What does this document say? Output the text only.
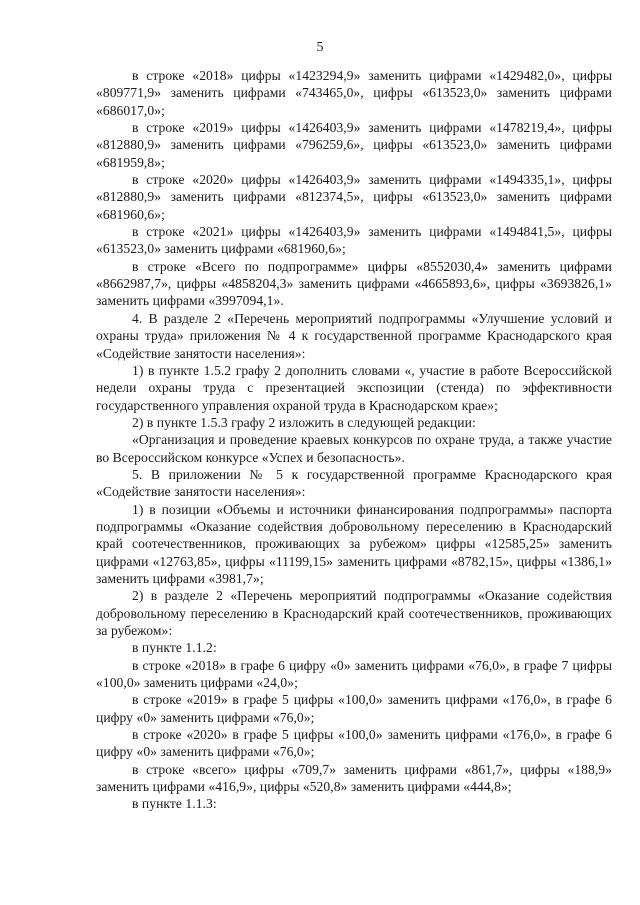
5

в строке «2018» цифры «1423294,9» заменить цифрами «1429482,0», цифры «809771,9» заменить цифрами «743465,0», цифры «613523,0» заменить цифрами «686017,0»;

в строке «2019» цифры «1426403,9» заменить цифрами «1478219,4», цифры «812880,9» заменить цифрами «796259,6», цифры «613523,0» заменить цифрами «681959,8»;

в строке «2020» цифры «1426403,9» заменить цифрами «1494335,1», цифры «812880,9» заменить цифрами «812374,5», цифры «613523,0» заменить цифрами «681960,6»;

в строке «2021» цифры «1426403,9» заменить цифрами «1494841,5», цифры «613523,0» заменить цифрами «681960,6»;

в строке «Всего по подпрограмме» цифры «8552030,4» заменить цифрами «8662987,7», цифры «4858204,3» заменить цифрами «4665893,6», цифры «3693826,1» заменить цифрами «3997094,1».

4. В разделе 2 «Перечень мероприятий подпрограммы «Улучшение условий и охраны труда» приложения № 4 к государственной программе Краснодарского края «Содействие занятости населения»:

1) в пункте 1.5.2 графу 2 дополнить словами «, участие в работе Всероссийской недели охраны труда с презентацией экспозиции (стенда) по эффективности государственного управления охраной труда в Краснодарском крае»;

2) в пункте 1.5.3 графу 2 изложить в следующей редакции:

«Организация и проведение краевых конкурсов по охране труда, а также участие во Всероссийском конкурсе «Успех и безопасность».

5. В приложении № 5 к государственной программе Краснодарского края «Содействие занятости населения»:

1) в позиции «Объемы и источники финансирования подпрограммы» паспорта подпрограммы «Оказание содействия добровольному переселению в Краснодарский край соотечественников, проживающих за рубежом» цифры «12585,25» заменить цифрами «12763,85», цифры «11199,15» заменить цифрами «8782,15», цифры «1386,1» заменить цифрами «3981,7»;

2) в разделе 2 «Перечень мероприятий подпрограммы «Оказание содействия добровольному переселению в Краснодарский край соотечественников, проживающих за рубежом»:

в пункте 1.1.2:

в строке «2018» в графе 6 цифру «0» заменить цифрами «76,0», в графе 7 цифры «100,0» заменить цифрами «24,0»;

в строке «2019» в графе 5 цифры «100,0» заменить цифрами «176,0», в графе 6 цифру «0» заменить цифрами «76,0»;

в строке «2020» в графе 5 цифры «100,0» заменить цифрами «176,0», в графе 6 цифру «0» заменить цифрами «76,0»;

в строке «всего» цифры «709,7» заменить цифрами «861,7», цифры «188,9» заменить цифрами «416,9», цифры «520,8» заменить цифрами «444,8»;

в пункте 1.1.3:
